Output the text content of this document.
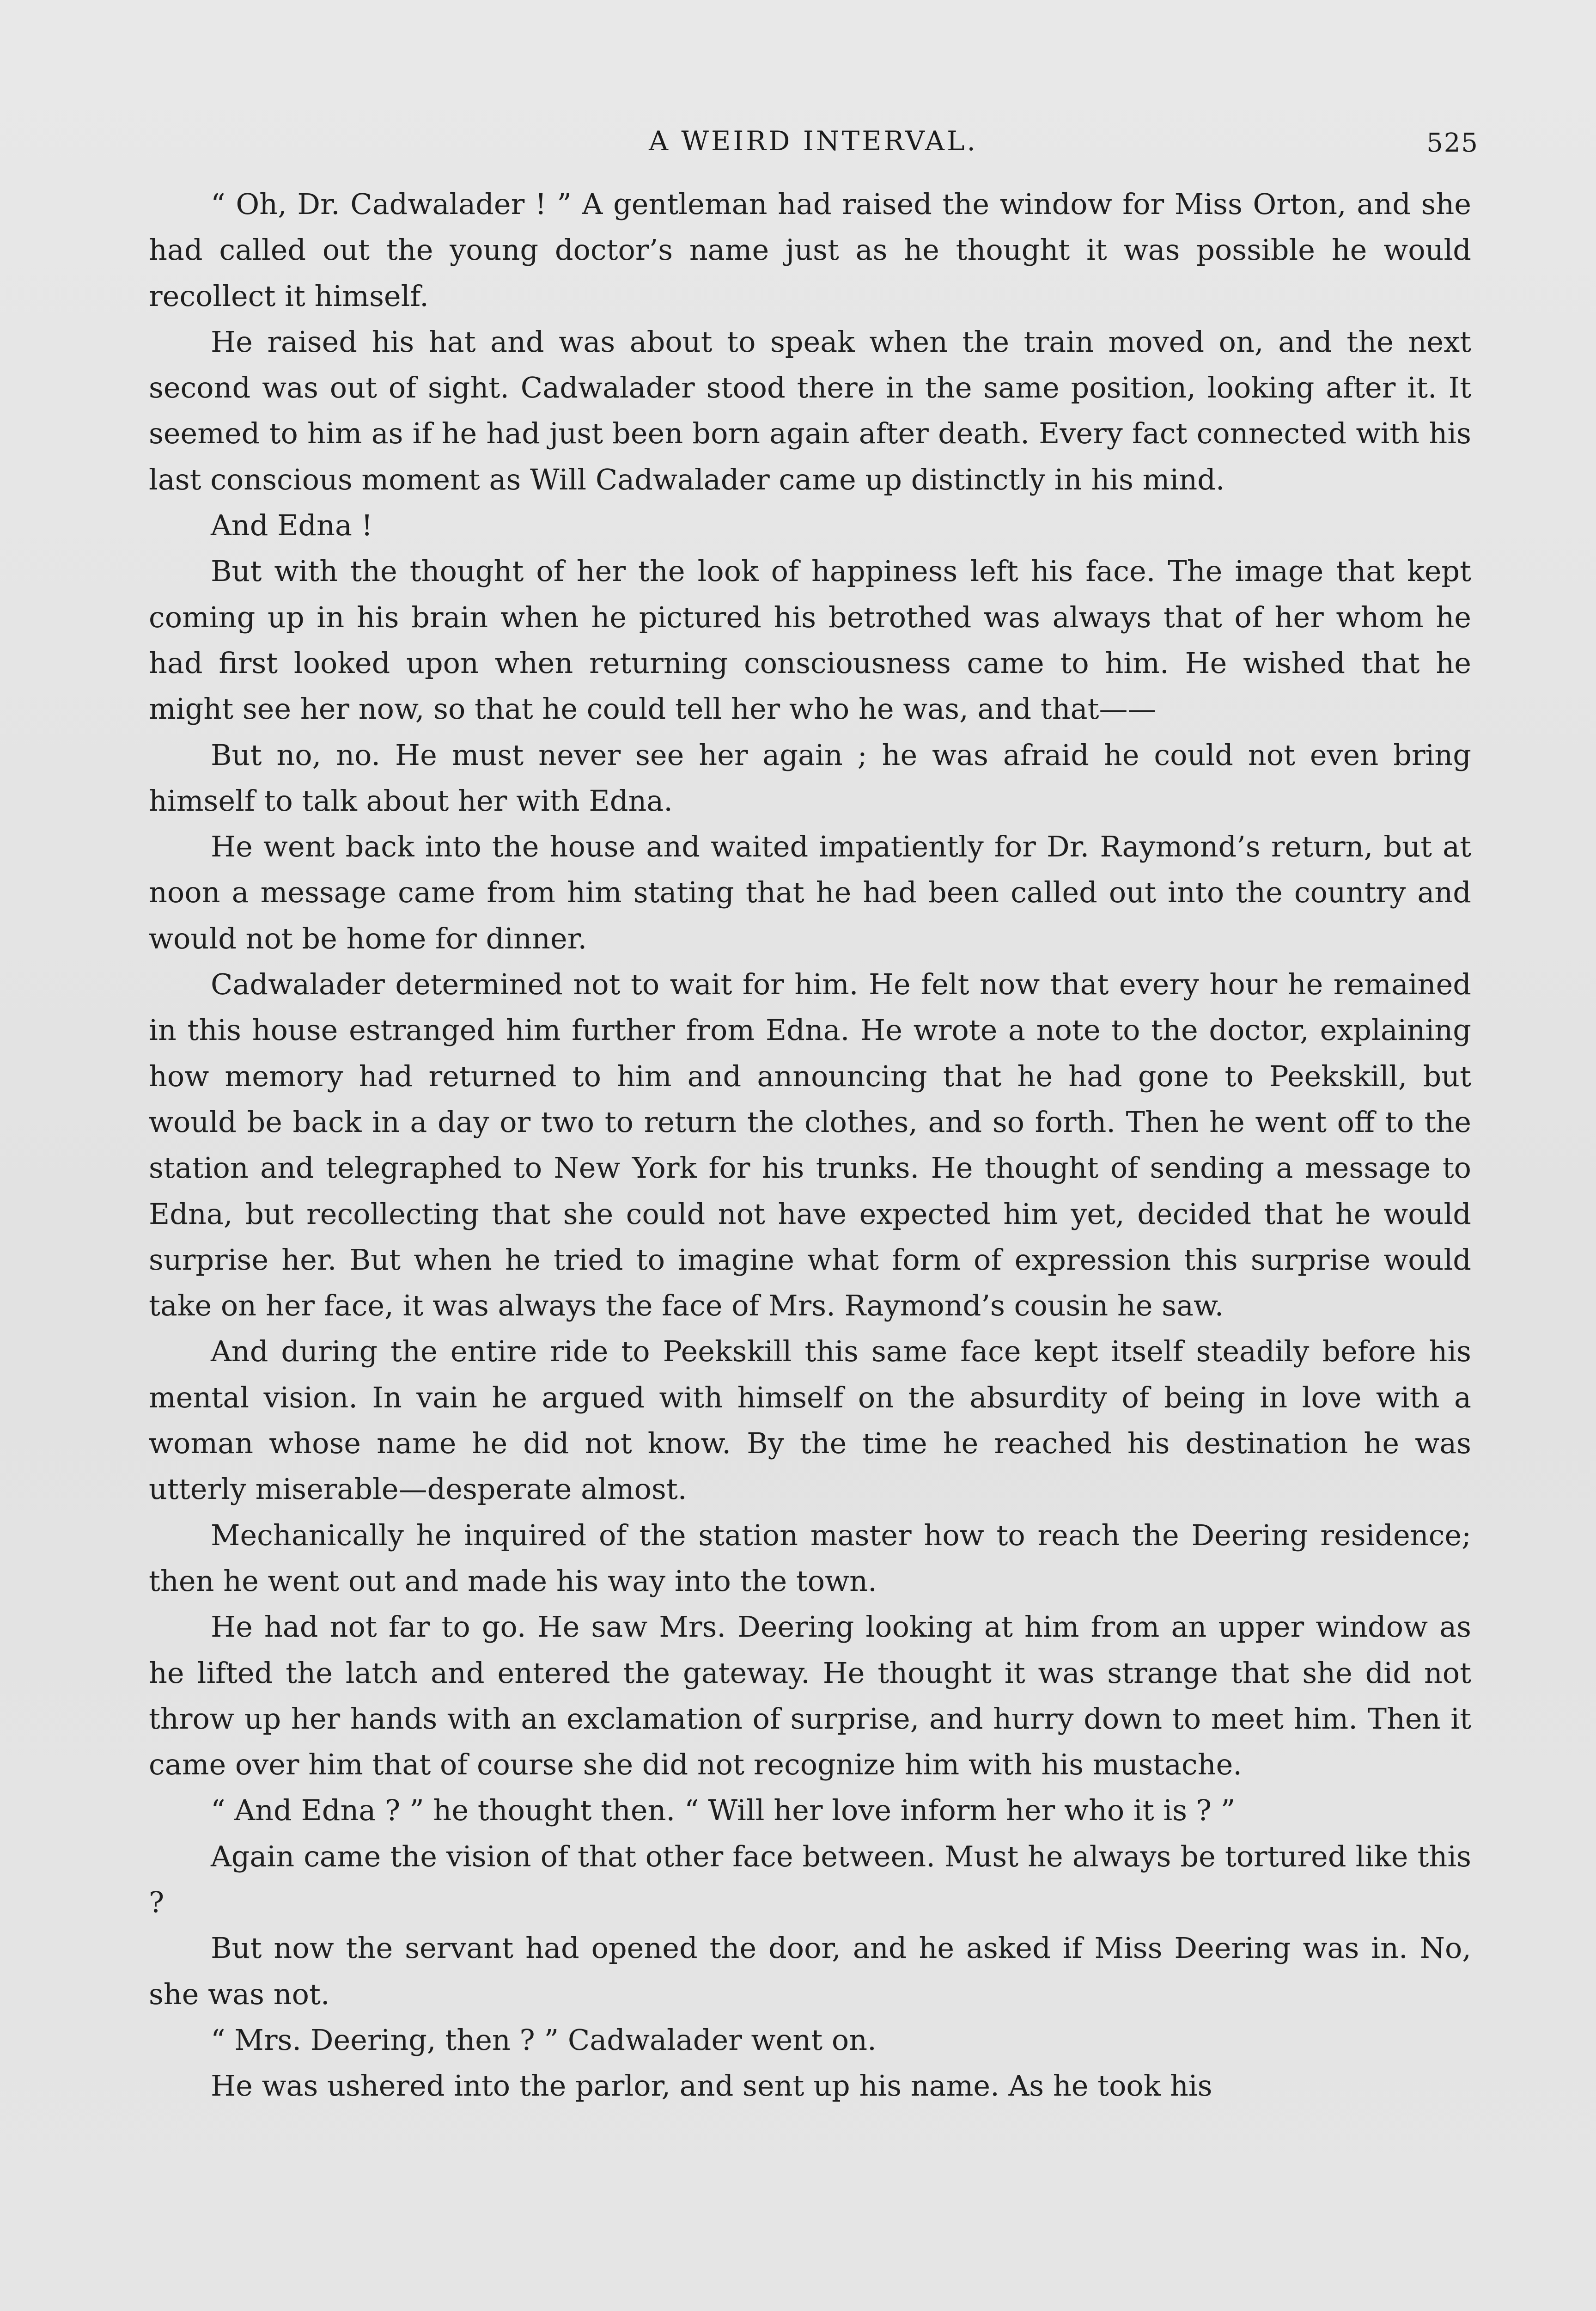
A WEIRD INTERVAL.	525

“ Oh, Dr. Cadwalader ! ” A gentleman had raised the window for Miss Orton, and she had called out the young doctor’s name just as he thought it was possible he would recollect it himself.

He raised his hat and was about to speak when the train moved on, and the next second was out of sight. Cadwalader stood there in the same position, looking after it. It seemed to him as if he had just been born again after death. Every fact connected with his last conscious moment as Will Cadwalader came up distinctly in his mind.

And Edna !

But with the thought of her the look of happiness left his face. The image that kept coming up in his brain when he pictured his betrothed was always that of her whom he had first looked upon when returning consciousness came to him. He wished that he might see her now, so that he could tell her who he was, and that——

But no, no. He must never see her again ; he was afraid he could not even bring himself to talk about her with Edna.

He went back into the house and waited impatiently for Dr. Raymond’s return, but at noon a message came from him stating that he had been called out into the country and would not be home for dinner.

Cadwalader determined not to wait for him. He felt now that every hour he remained in this house estranged him further from Edna. He wrote a note to the doctor, explaining how memory had returned to him and announcing that he had gone to Peekskill, but would be back in a day or two to return the clothes, and so forth. Then he went off to the station and telegraphed to New York for his trunks. He thought of sending a message to Edna, but recollecting that she could not have expected him yet, decided that he would surprise her. But when he tried to imagine what form of expression this surprise would take on her face, it was always the face of Mrs. Raymond’s cousin he saw.

And during the entire ride to Peekskill this same face kept itself steadily before his mental vision. In vain he argued with himself on the absurdity of being in love with a woman whose name he did not know. By the time he reached his destination he was utterly miserable—desperate almost.

Mechanically he inquired of the station master how to reach the Deering residence; then he went out and made his way into the town.

He had not far to go. He saw Mrs. Deering looking at him from an upper window as he lifted the latch and entered the gateway. He thought it was strange that she did not throw up her hands with an exclamation of surprise, and hurry down to meet him. Then it came over him that of course she did not recognize him with his mustache.

“ And Edna ? ” he thought then. “ Will her love inform her who it is ? ”

Again came the vision of that other face between. Must he always be tortured like this ?

But now the servant had opened the door, and he asked if Miss Deering was in. No, she was not.

“ Mrs. Deering, then ? ” Cadwalader went on.

He was ushered into the parlor, and sent up his name. As he took his
